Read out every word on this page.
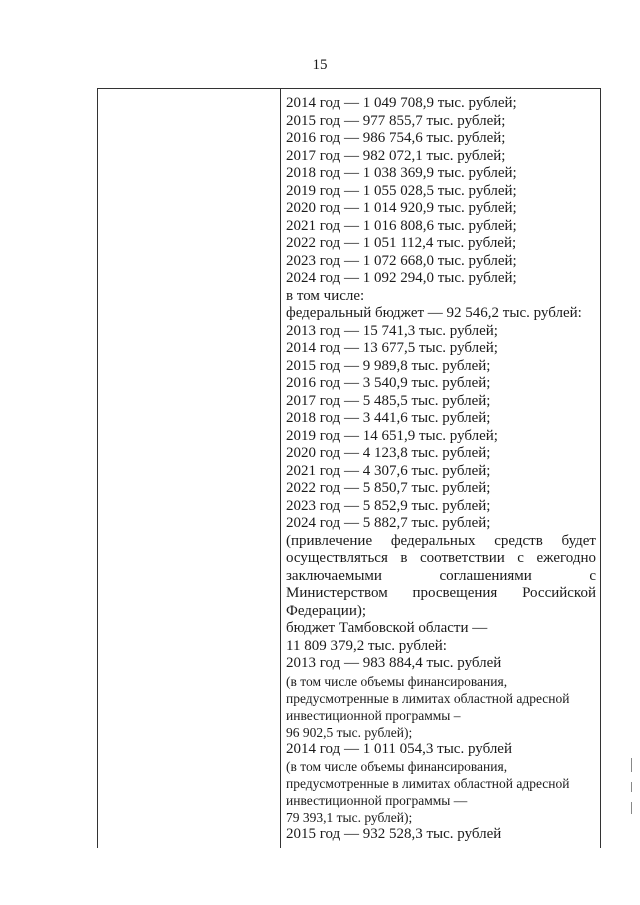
15
2014 год — 1 049 708,9 тыс. рублей;
2015 год — 977 855,7 тыс. рублей;
2016 год — 986 754,6 тыс. рублей;
2017 год — 982 072,1 тыс. рублей;
2018 год — 1 038 369,9 тыс. рублей;
2019 год — 1 055 028,5 тыс. рублей;
2020 год — 1 014 920,9 тыс. рублей;
2021 год — 1 016 808,6 тыс. рублей;
2022 год — 1 051 112,4 тыс. рублей;
2023 год — 1 072 668,0 тыс. рублей;
2024 год — 1 092 294,0 тыс. рублей;
в том числе:
федеральный бюджет — 92 546,2 тыс. рублей:
2013 год — 15 741,3 тыс. рублей;
2014 год — 13 677,5 тыс. рублей;
2015 год — 9 989,8 тыс. рублей;
2016 год — 3 540,9 тыс. рублей;
2017 год — 5 485,5 тыс. рублей;
2018 год — 3 441,6 тыс. рублей;
2019 год — 14 651,9 тыс. рублей;
2020 год — 4 123,8 тыс. рублей;
2021 год — 4 307,6 тыс. рублей;
2022 год — 5 850,7 тыс. рублей;
2023 год — 5 852,9 тыс. рублей;
2024 год — 5 882,7 тыс. рублей;
(привлечение федеральных средств будет
осуществляться в соответствии с ежегодно
заключаемыми соглашениями с
Министерством просвещения Российской
Федерации);
бюджет Тамбовской области —
11 809 379,2 тыс. рублей:
2013 год — 983 884,4 тыс. рублей
(в том числе объемы финансирования,
предусмотренные в лимитах областной адресной
инвестиционной программы –
96 902,5 тыс. рублей);
2014 год — 1 011 054,3 тыс. рублей
(в том числе объемы финансирования,
предусмотренные в лимитах областной адресной
инвестиционной программы —
79 393,1 тыс. рублей);
2015 год — 932 528,3 тыс. рублей
